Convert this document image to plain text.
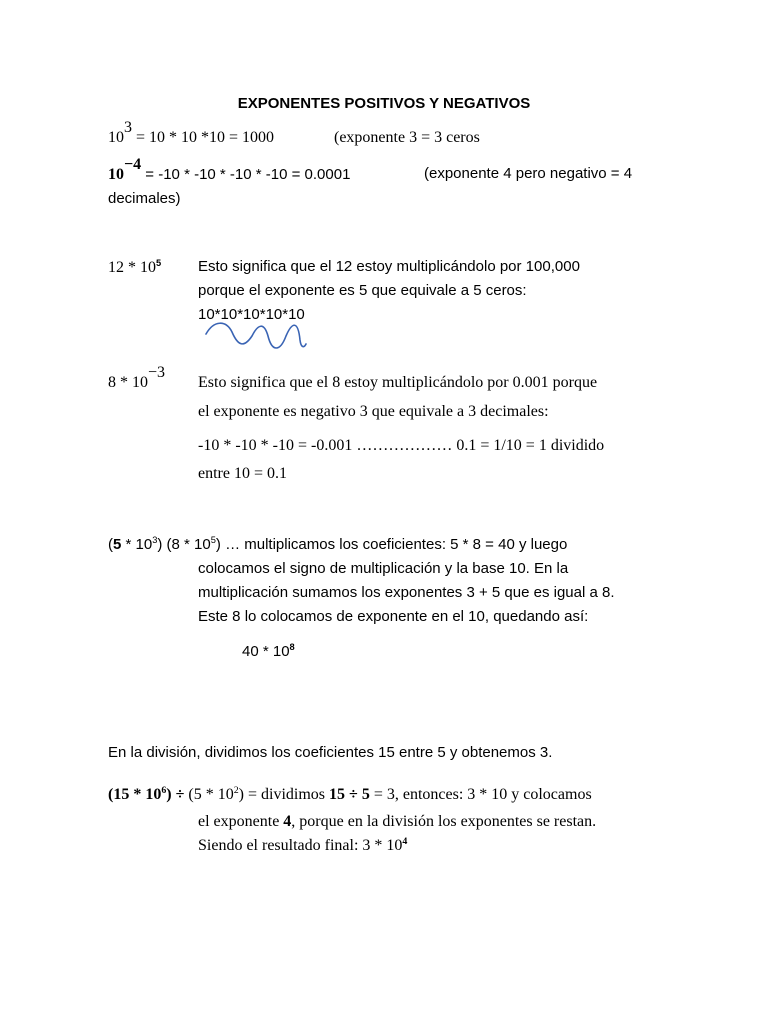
EXPONENTES POSITIVOS Y NEGATIVOS
$10^3 = 10 * 10$ *10 = 1000	(exponente 3 = 3 ceros
$10^{-4} = -10 * -10 * -10 * -10 = 0.0001$	(exponente 4 pero negativo = 4
decimales)
$12 * 10^5$ Esto significa que el 12 estoy multiplicándolo por 100,000
porque el exponente es 5 que equivale a 5 ceros:
10*10*10*10*10
$8 * 10^{-3}$
Esto significa que el 8 estoy multiplicándolo por 0.001 porque
el exponente es negativo 3 que equivale a 3 decimales:
-10 * -10 * -10 = -0.001 ……………… 0.1 = 1/10 = 1 dividido
entre 10 = 0.1
$(5 * 10^3)$ $(8 * 10^5)$ … multiplicamos los coeficientes: 5 * 8 = 40 y luego
colocamos el signo de multiplicación y la base 10. En la
multiplicación sumamos los exponentes 3 + 5 que es igual a 8.
Este 8 lo colocamos de exponente en el 10, quedando así:
$40 * 10^8$
En la división, dividimos los coeficientes 15 entre 5 y obtenemos 3.
$(15 * 10^6) \div (5 * 10^2)$ = dividimos 15 ÷ 5 = 3, entonces: 3 * 10 y colocamos
el exponente 4, porque en la división los exponentes se restan.
Siendo el resultado final: $3 * 10^4$
